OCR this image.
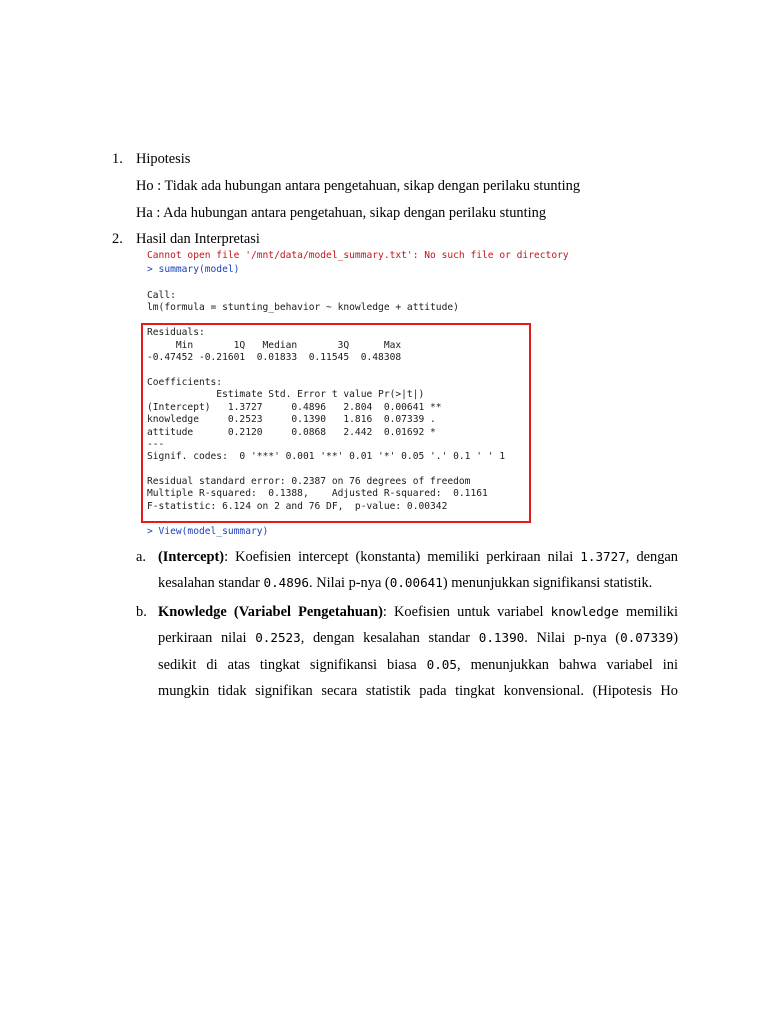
1. Hipotesis
Ho : Tidak ada hubungan antara pengetahuan, sikap dengan perilaku stunting
Ha : Ada hubungan antara pengetahuan, sikap dengan perilaku stunting
2. Hasil dan Interpretasi
Cannot open file '/mnt/data/model_summary.txt': No such file or directory
> summary(model)
Call:
lm(formula = stunting_behavior ~ knowledge + attitude)
Residuals:
Min       1Q   Median       3Q      Max
-0.47452 -0.21601  0.01833  0.11545  0.48308
Coefficients:
Estimate Std. Error t value Pr(>|t|)
(Intercept)   1.3727     0.4896   2.804  0.00641 **
knowledge     0.2523     0.1390   1.816  0.07339 .
attitude      0.2120     0.0868   2.442  0.01692 *
---
Signif. codes:  0 '***' 0.001 '**' 0.01 '*' 0.05 '.' 0.1 ' ' 1
Residual standard error: 0.2387 on 76 degrees of freedom
Multiple R-squared:  0.1388,    Adjusted R-squared:  0.1161
F-statistic: 6.124 on 2 and 76 DF,  p-value: 0.00342
> View(model_summary)
a. (Intercept): Koefisien intercept (konstanta) memiliki perkiraan nilai 1.3727, dengan
kesalahan standar 0.4896. Nilai p-nya (0.00641) menunjukkan signifikansi statistik.
b. Knowledge (Variabel Pengetahuan): Koefisien untuk variabel knowledge memiliki
perkiraan nilai 0.2523, dengan kesalahan standar 0.1390. Nilai p-nya (0.07339)
sedikit di atas tingkat signifikansi biasa 0.05, menunjukkan bahwa variabel ini
mungkin tidak signifikan secara statistik pada tingkat konvensional. (Hipotesis Ho
